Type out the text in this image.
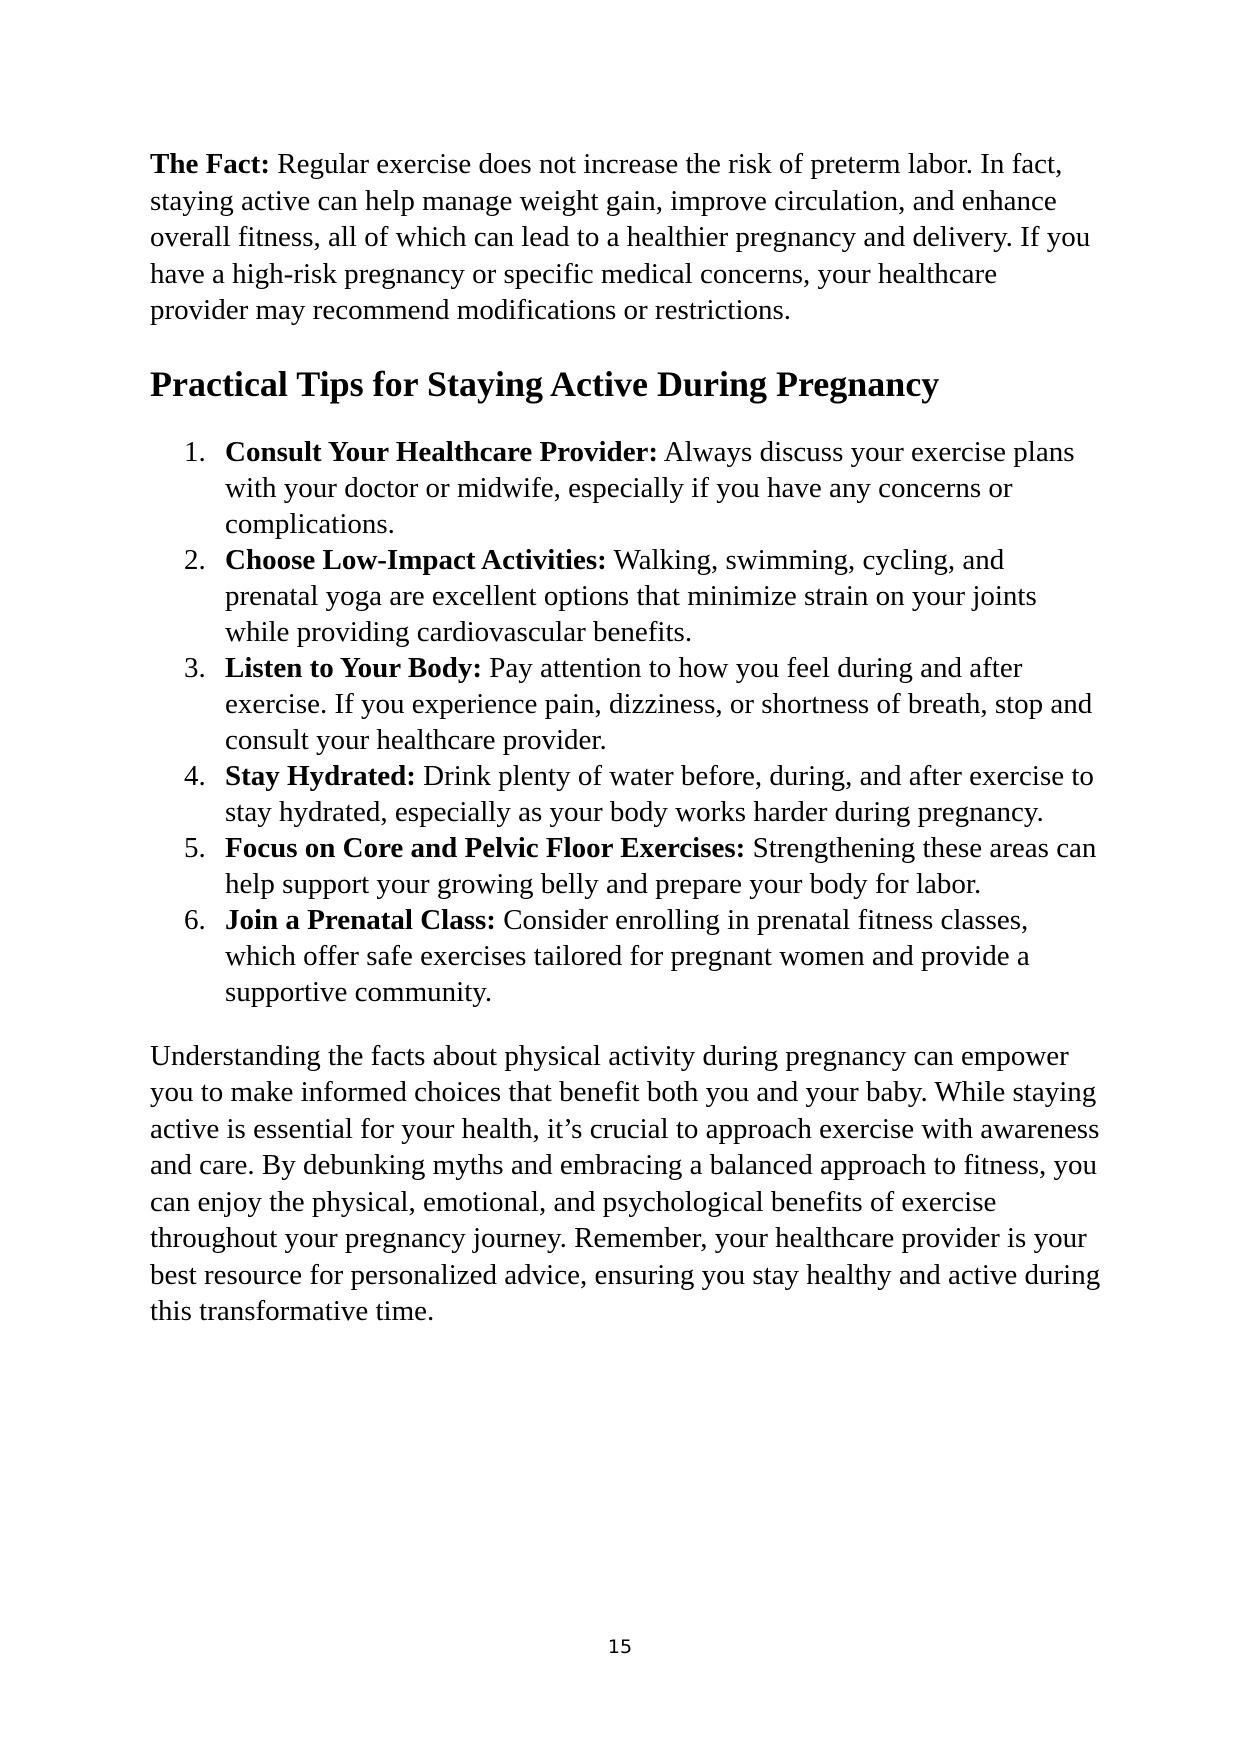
The Fact: Regular exercise does not increase the risk of preterm labor. In fact, staying active can help manage weight gain, improve circulation, and enhance overall fitness, all of which can lead to a healthier pregnancy and delivery. If you have a high-risk pregnancy or specific medical concerns, your healthcare provider may recommend modifications or restrictions.

Practical Tips for Staying Active During Pregnancy
1. Consult Your Healthcare Provider: Always discuss your exercise plans with your doctor or midwife, especially if you have any concerns or complications.
2. Choose Low-Impact Activities: Walking, swimming, cycling, and prenatal yoga are excellent options that minimize strain on your joints while providing cardiovascular benefits.
3. Listen to Your Body: Pay attention to how you feel during and after exercise. If you experience pain, dizziness, or shortness of breath, stop and consult your healthcare provider.
4. Stay Hydrated: Drink plenty of water before, during, and after exercise to stay hydrated, especially as your body works harder during pregnancy.
5. Focus on Core and Pelvic Floor Exercises: Strengthening these areas can help support your growing belly and prepare your body for labor.
6. Join a Prenatal Class: Consider enrolling in prenatal fitness classes, which offer safe exercises tailored for pregnant women and provide a supportive community.

Understanding the facts about physical activity during pregnancy can empower you to make informed choices that benefit both you and your baby. While staying active is essential for your health, it’s crucial to approach exercise with awareness and care. By debunking myths and embracing a balanced approach to fitness, you can enjoy the physical, emotional, and psychological benefits of exercise throughout your pregnancy journey. Remember, your healthcare provider is your best resource for personalized advice, ensuring you stay healthy and active during this transformative time.

15
